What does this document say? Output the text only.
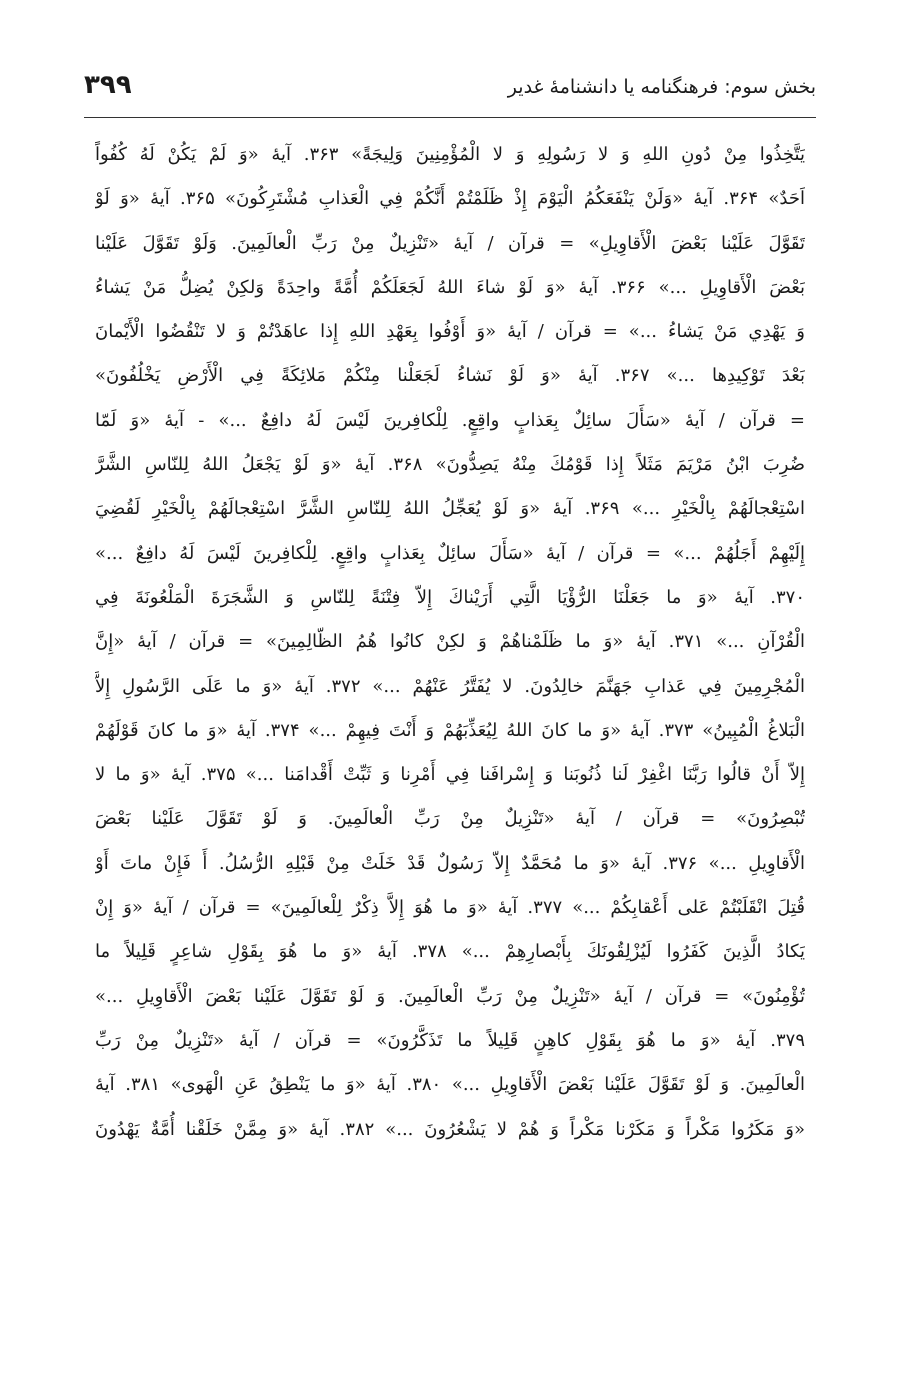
بخش سوم: فرهنگنامه یا دانشنامهٔ غدیر
۳۹۹
يَتَّخِذُوا مِنْ دُونِ اللهِ وَ لا رَسُولِهِ وَ لا الْمُؤْمِنِينَ وَلِيجَةً» ۳۶۳. آيهٔ «وَ لَمْ يَكُنْ لَهُ كُفُواً
اَحَدٌ» ۳۶۴. آيهٔ «وَلَنْ يَنْفَعَكُمُ الْيَوْمَ إِذْ ظَلَمْتُمْ أَنَّكُمْ فِي الْعَذابِ مُشْتَرِكُونَ» ۳۶۵. آيهٔ «وَ لَوْ
تَقَوَّلَ عَلَيْنا بَعْضَ الْأَقاوِيلِ» = قرآن / آيهٔ «تَنْزِيلٌ مِنْ رَبِّ الْعالَمِينَ. وَلَوْ تَقَوَّلَ عَلَيْنا
بَعْضَ الْأَقاوِيلِ ...» ۳۶۶. آيهٔ «وَ لَوْ شاءَ اللهُ لَجَعَلَكُمْ أُمَّةً واحِدَةً وَلكِنْ يُضِلُّ مَنْ يَشاءُ
وَ يَهْدِي مَنْ يَشاءُ ...» = قرآن / آيهٔ «وَ أَوْفُوا بِعَهْدِ اللهِ إِذا عاهَدْتُمْ وَ لا تَنْقُضُوا الْأَيْمانَ
بَعْدَ تَوْكِيدِها ...» ۳۶۷. آيهٔ «وَ لَوْ نَشاءُ لَجَعَلْنا مِنْكُمْ مَلائِكَةً فِي الْأَرْضِ يَخْلُفُونَ»
= قرآن / آيهٔ «سَأَلَ سائِلٌ بِعَذابٍ واقِعٍ. لِلْكافِرينَ لَيْسَ لَهُ دافِعٌ ...» - آيهٔ «وَ لَمّا
ضُرِبَ ابْنُ مَرْيَمَ مَثَلاً إِذا قَوْمُكَ مِنْهُ يَصِدُّونَ» ۳۶۸. آيهٔ «وَ لَوْ يَجْعَلُ اللهُ لِلنّاسِ الشَّرَّ
اسْتِعْجالَهُمْ بِالْخَيْرِ ...» ۳۶۹. آيهٔ «وَ لَوْ يُعَجِّلُ اللهُ لِلنّاسِ الشَّرَّ اسْتِعْجالَهُمْ بِالْخَيْرِ لَقُضِيَ
إِلَيْهِمْ أَجَلُهُمْ ...» = قرآن / آيهٔ «سَأَلَ سائِلٌ بِعَذابٍ واقِعٍ. لِلْكافِرينَ لَيْسَ لَهُ دافِعٌ ...»
۳۷۰. آيهٔ «وَ ما جَعَلْنَا الرُّؤْيَا الَّتِي أَرَيْناكَ إِلاّ فِتْنَةً لِلنّاسِ وَ الشَّجَرَةَ الْمَلْعُونَةَ فِي
الْقُرْآنِ ...» ۳۷۱. آيهٔ «وَ ما ظَلَمْناهُمْ وَ لكِنْ كانُوا هُمُ الظّالِمِينَ» = قرآن / آيهٔ «إِنَّ
الْمُجْرِمِينَ فِي عَذابِ جَهَنَّمَ خالِدُونَ. لا يُفَتَّرُ عَنْهُمْ ...» ۳۷۲. آيهٔ «وَ ما عَلَى الرَّسُولِ إِلاَّ
الْبَلاغُ الْمُبِينُ» ۳۷۳. آيهٔ «وَ ما كانَ اللهُ لِيُعَذِّبَهُمْ وَ أَنْتَ فِيهِمْ ...» ۳۷۴. آيهٔ «وَ ما كانَ قَوْلَهُمْ
إِلاّ أَنْ قالُوا رَبَّنَا اغْفِرْ لَنا ذُنُوبَنا وَ إِسْرافَنا فِي أَمْرِنا وَ ثَبِّتْ أَقْدامَنا ...» ۳۷۵. آيهٔ «وَ ما لا
تُبْصِرُونَ» = قرآن / آيهٔ «تَنْزِيلٌ مِنْ رَبِّ الْعالَمِينَ. وَ لَوْ تَقَوَّلَ عَلَيْنا بَعْضَ
الْأَقاوِيلِ ...» ۳۷۶. آيهٔ «وَ ما مُحَمَّدٌ إِلاّ رَسُولٌ قَدْ خَلَتْ مِنْ قَبْلِهِ الرُّسُلُ. أَ فَإِنْ ماتَ أَوْ
قُتِلَ انْقَلَبْتُمْ عَلى أَعْقابِكُمْ ...» ۳۷۷. آيهٔ «وَ ما هُوَ إِلاَّ ذِكْرٌ لِلْعالَمِينَ» = قرآن / آيهٔ «وَ إِنْ
يَكادُ الَّذِينَ كَفَرُوا لَيُزْلِقُونَكَ بِأَبْصارِهِمْ ...» ۳۷۸. آيهٔ «وَ ما هُوَ بِقَوْلِ شاعِرٍ قَلِيلاً ما
تُؤْمِنُونَ» = قرآن / آيهٔ «تَنْزِيلٌ مِنْ رَبِّ الْعالَمِينَ. وَ لَوْ تَقَوَّلَ عَلَيْنا بَعْضَ الْأَقاوِيلِ ...»
۳۷۹. آيهٔ «وَ ما هُوَ بِقَوْلِ كاهِنٍ قَلِيلاً ما تَذَكَّرُونَ» = قرآن / آيهٔ «تَنْزِيلٌ مِنْ رَبِّ
الْعالَمِينَ. وَ لَوْ تَقَوَّلَ عَلَيْنا بَعْضَ الْأَقاوِيلِ ...» ۳۸۰. آيهٔ «وَ ما يَنْطِقُ عَنِ الْهَوى» ۳۸۱. آيهٔ
«وَ مَكَرُوا مَكْراً وَ مَكَرْنا مَكْراً وَ هُمْ لا يَشْعُرُونَ ...» ۳۸۲. آيهٔ «وَ مِمَّنْ خَلَقْنا أُمَّةٌ يَهْدُونَ
